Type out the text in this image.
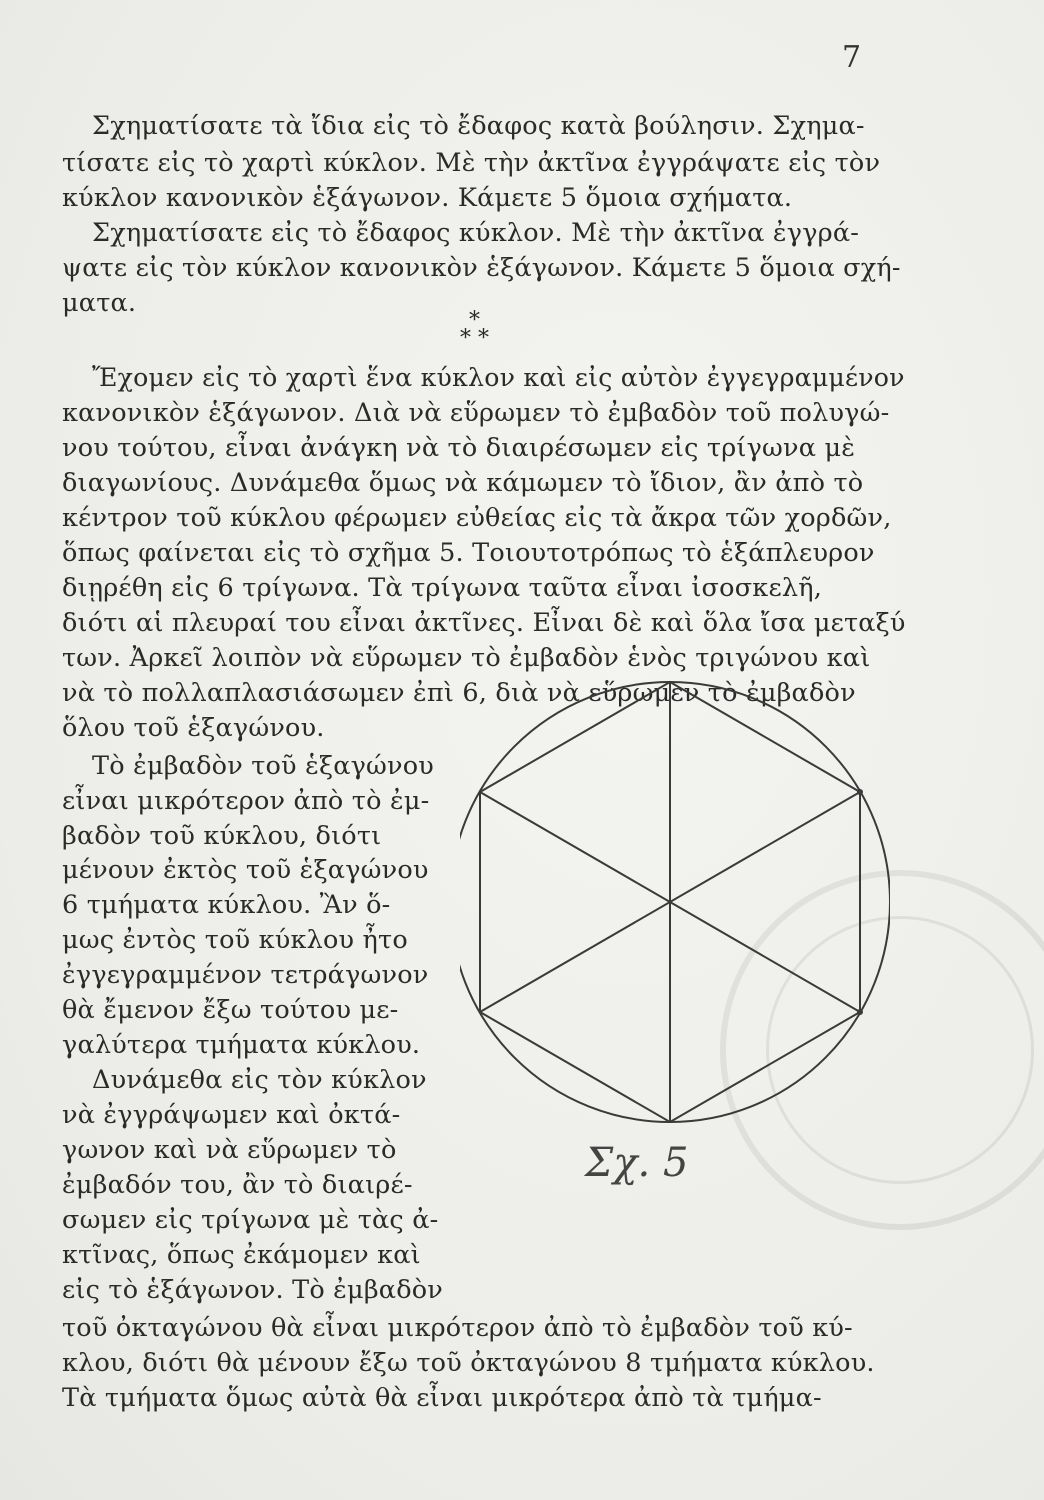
7
Σχηματίσατε τὰ ἴδια εἰς τὸ ἔδαφος κατὰ βούλησιν. Σχημα-
τίσατε εἰς τὸ χαρτὶ κύκλον. Μὲ τὴν ἀκτῖνα ἐγγράψατε εἰς τὸν
κύκλον κανονικὸν ἑξάγωνον. Κάμετε 5 ὅμοια σχήματα.
Σχηματίσατε εἰς τὸ ἔδαφος κύκλον. Μὲ τὴν ἀκτῖνα ἐγγρά-
ψατε εἰς τὸν κύκλον κανονικὸν ἑξάγωνον. Κάμετε 5 ὅμοια σχή-
ματα.
Ἔχομεν εἰς τὸ χαρτὶ ἕνα κύκλον καὶ εἰς αὐτὸν ἐγγεγραμμένον
κανονικὸν ἑξάγωνον. Διὰ νὰ εὕρωμεν τὸ ἐμβαδὸν τοῦ πολυγώ-
νου τούτου, εἶναι ἀνάγκη νὰ τὸ διαιρέσωμεν εἰς τρίγωνα μὲ
διαγωνίους. Δυνάμεθα ὅμως νὰ κάμωμεν τὸ ἴδιον, ἂν ἀπὸ τὸ
κέντρον τοῦ κύκλου φέρωμεν εὐθείας εἰς τὰ ἄκρα τῶν χορδῶν,
ὅπως φαίνεται εἰς τὸ σχῆμα 5. Τοιουτοτρόπως τὸ ἑξάπλευρον
διῃρέθη εἰς 6 τρίγωνα. Τὰ τρίγωνα ταῦτα εἶναι ἰσοσκελῆ,
διότι αἱ πλευραί του εἶναι ἀκτῖνες. Εἶναι δὲ καὶ ὅλα ἴσα μεταξύ
των. Ἀρκεῖ λοιπὸν νὰ εὕρωμεν τὸ ἐμβαδὸν ἑνὸς τριγώνου καὶ
νὰ τὸ πολλαπλασιάσωμεν ἐπὶ 6, διὰ νὰ εὕρωμεν τὸ ἐμβαδὸν
ὅλου τοῦ ἑξαγώνου.
Τὸ ἐμβαδὸν τοῦ ἑξαγώνου
εἶναι μικρότερον ἀπὸ τὸ ἐμ-
βαδὸν τοῦ κύκλου, διότι
μένουν ἐκτὸς τοῦ ἑξαγώνου
6 τμήματα κύκλου. Ἂν ὅ-
μως ἐντὸς τοῦ κύκλου ἦτο
ἐγγεγραμμένον τετράγωνον
θὰ ἔμενον ἔξω τούτου με-
γαλύτερα τμήματα κύκλου.
Δυνάμεθα εἰς τὸν κύκλον
νὰ ἐγγράψωμεν καὶ ὀκτά-
γωνον καὶ νὰ εὕρωμεν τὸ
ἐμβαδόν του, ἂν τὸ διαιρέ-
σωμεν εἰς τρίγωνα μὲ τὰς ἀ-
κτῖνας, ὅπως ἐκάμομεν καὶ
εἰς τὸ ἑξάγωνον. Τὸ ἐμβαδὸν
τοῦ ὀκταγώνου θὰ εἶναι μικρότερον ἀπὸ τὸ ἐμβαδὸν τοῦ κύ-
κλου, διότι θὰ μένουν ἔξω τοῦ ὀκταγώνου 8 τμήματα κύκλου.
Τὰ τμήματα ὅμως αὐτὰ θὰ εἶναι μικρότερα ἀπὸ τὰ τμήμα-
*
* *
Σχ. 5
